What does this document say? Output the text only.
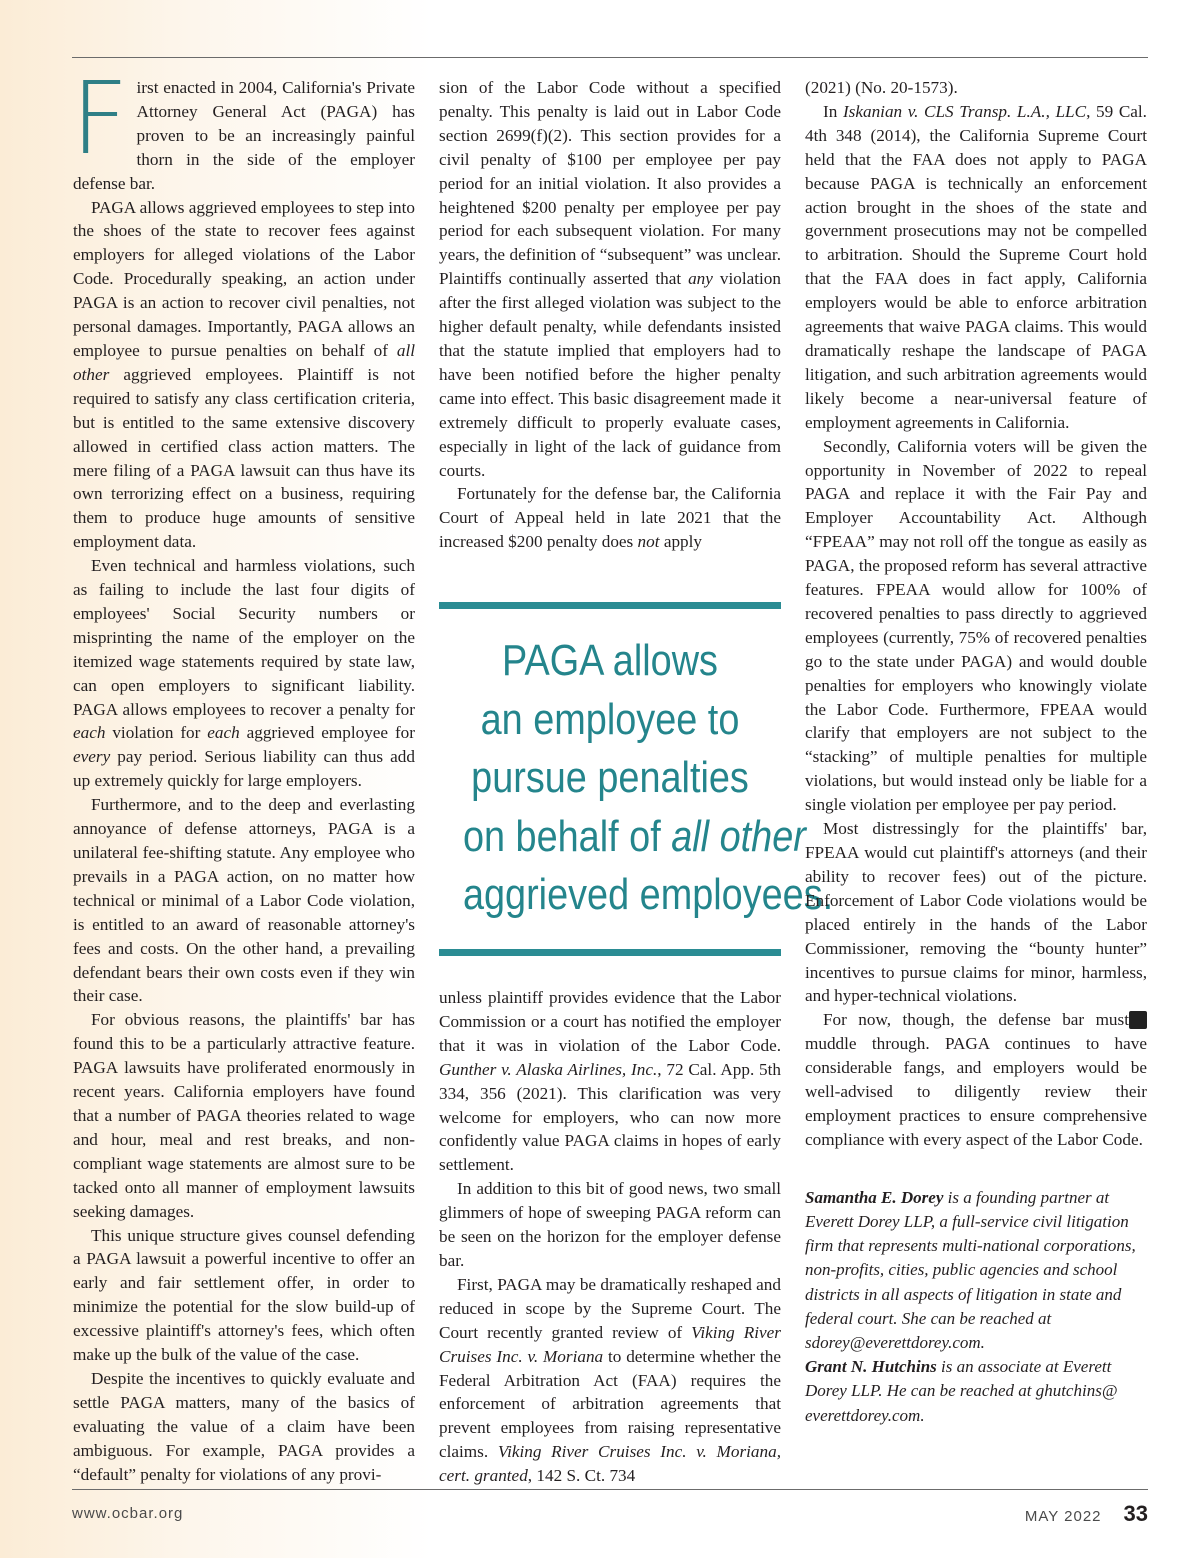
First enacted in 2004, California's Private Attorney General Act (PAGA) has proven to be an increasingly painful thorn in the side of the employer defense bar.

PAGA allows aggrieved employees to step into the shoes of the state to recover fees against employers for alleged violations of the Labor Code. Procedurally speaking, an action under PAGA is an action to recover civil penalties, not personal damages. Importantly, PAGA allows an employee to pursue penalties on behalf of all other aggrieved employees. Plaintiff is not required to satisfy any class certification criteria, but is entitled to the same extensive discovery allowed in certified class action matters. The mere filing of a PAGA lawsuit can thus have its own terrorizing effect on a business, requiring them to produce huge amounts of sensitive employment data.

Even technical and harmless violations, such as failing to include the last four digits of employees' Social Security numbers or misprinting the name of the employer on the itemized wage statements required by state law, can open employers to significant liability. PAGA allows employees to recover a penalty for each violation for each aggrieved employee for every pay period. Serious liability can thus add up extremely quickly for large employers.

Furthermore, and to the deep and everlasting annoyance of defense attorneys, PAGA is a unilateral fee-shifting statute. Any employee who prevails in a PAGA action, on no matter how technical or minimal of a Labor Code violation, is entitled to an award of reasonable attorney's fees and costs. On the other hand, a prevailing defendant bears their own costs even if they win their case.

For obvious reasons, the plaintiffs' bar has found this to be a particularly attractive feature. PAGA lawsuits have proliferated enormously in recent years. California employers have found that a number of PAGA theories related to wage and hour, meal and rest breaks, and non-compliant wage statements are almost sure to be tacked onto all manner of employment lawsuits seeking damages.

This unique structure gives counsel defending a PAGA lawsuit a powerful incentive to offer an early and fair settlement offer, in order to minimize the potential for the slow build-up of excessive plaintiff's attorney's fees, which often make up the bulk of the value of the case.

Despite the incentives to quickly evaluate and settle PAGA matters, many of the basics of evaluating the value of a claim have been ambiguous. For example, PAGA provides a “default” penalty for violations of any provi-

sion of the Labor Code without a specified penalty. This penalty is laid out in Labor Code section 2699(f)(2). This section provides for a civil penalty of $100 per employee per pay period for an initial violation. It also provides a heightened $200 penalty per employee per pay period for each subsequent violation. For many years, the definition of “subsequent” was unclear. Plaintiffs continually asserted that any violation after the first alleged violation was subject to the higher default penalty, while defendants insisted that the statute implied that employers had to have been notified before the higher penalty came into effect. This basic disagreement made it extremely difficult to properly evaluate cases, especially in light of the lack of guidance from courts.

Fortunately for the defense bar, the California Court of Appeal held in late 2021 that the increased $200 penalty does not apply

PAGA allows
an employee to
pursue penalties
on behalf of all other
aggrieved employees.

unless plaintiff provides evidence that the Labor Commission or a court has notified the employer that it was in violation of the Labor Code. Gunther v. Alaska Airlines, Inc., 72 Cal. App. 5th 334, 356 (2021). This clarification was very welcome for employers, who can now more confidently value PAGA claims in hopes of early settlement.

In addition to this bit of good news, two small glimmers of hope of sweeping PAGA reform can be seen on the horizon for the employer defense bar.

First, PAGA may be dramatically reshaped and reduced in scope by the Supreme Court. The Court recently granted review of Viking River Cruises Inc. v. Moriana to determine whether the Federal Arbitration Act (FAA) requires the enforcement of arbitration agreements that prevent employees from raising representative claims. Viking River Cruises Inc. v. Moriana, cert. granted, 142 S. Ct. 734

(2021) (No. 20-1573).

In Iskanian v. CLS Transp. L.A., LLC, 59 Cal. 4th 348 (2014), the California Supreme Court held that the FAA does not apply to PAGA because PAGA is technically an enforcement action brought in the shoes of the state and government prosecutions may not be compelled to arbitration. Should the Supreme Court hold that the FAA does in fact apply, California employers would be able to enforce arbitration agreements that waive PAGA claims. This would dramatically reshape the landscape of PAGA litigation, and such arbitration agreements would likely become a near-universal feature of employment agreements in California.

Secondly, California voters will be given the opportunity in November of 2022 to repeal PAGA and replace it with the Fair Pay and Employer Accountability Act. Although “FPEAA” may not roll off the tongue as easily as PAGA, the proposed reform has several attractive features. FPEAA would allow for 100% of recovered penalties to pass directly to aggrieved employees (currently, 75% of recovered penalties go to the state under PAGA) and would double penalties for employers who knowingly violate the Labor Code. Furthermore, FPEAA would clarify that employers are not subject to the “stacking” of multiple penalties for multiple violations, but would instead only be liable for a single violation per employee per pay period.

Most distressingly for the plaintiffs' bar, FPEAA would cut plaintiff's attorneys (and their ability to recover fees) out of the picture. Enforcement of Labor Code violations would be placed entirely in the hands of the Labor Commissioner, removing the “bounty hunter” incentives to pursue claims for minor, harmless, and hyper-technical violations.

For now, though, the defense bar must muddle through. PAGA continues to have considerable fangs, and employers would be well-advised to diligently review their employment practices to ensure comprehensive compliance with every aspect of the Labor Code.

Samantha E. Dorey is a founding partner at Everett Dorey LLP, a full-service civil litigation firm that represents multi-national corporations, non-profits, cities, public agencies and school districts in all aspects of litigation in state and federal court. She can be reached at sdorey@everettdorey.com.

Grant N. Hutchins is an associate at Everett Dorey LLP. He can be reached at ghutchins@ everettdorey.com.

www.ocbar.org	MAY 2022 33
